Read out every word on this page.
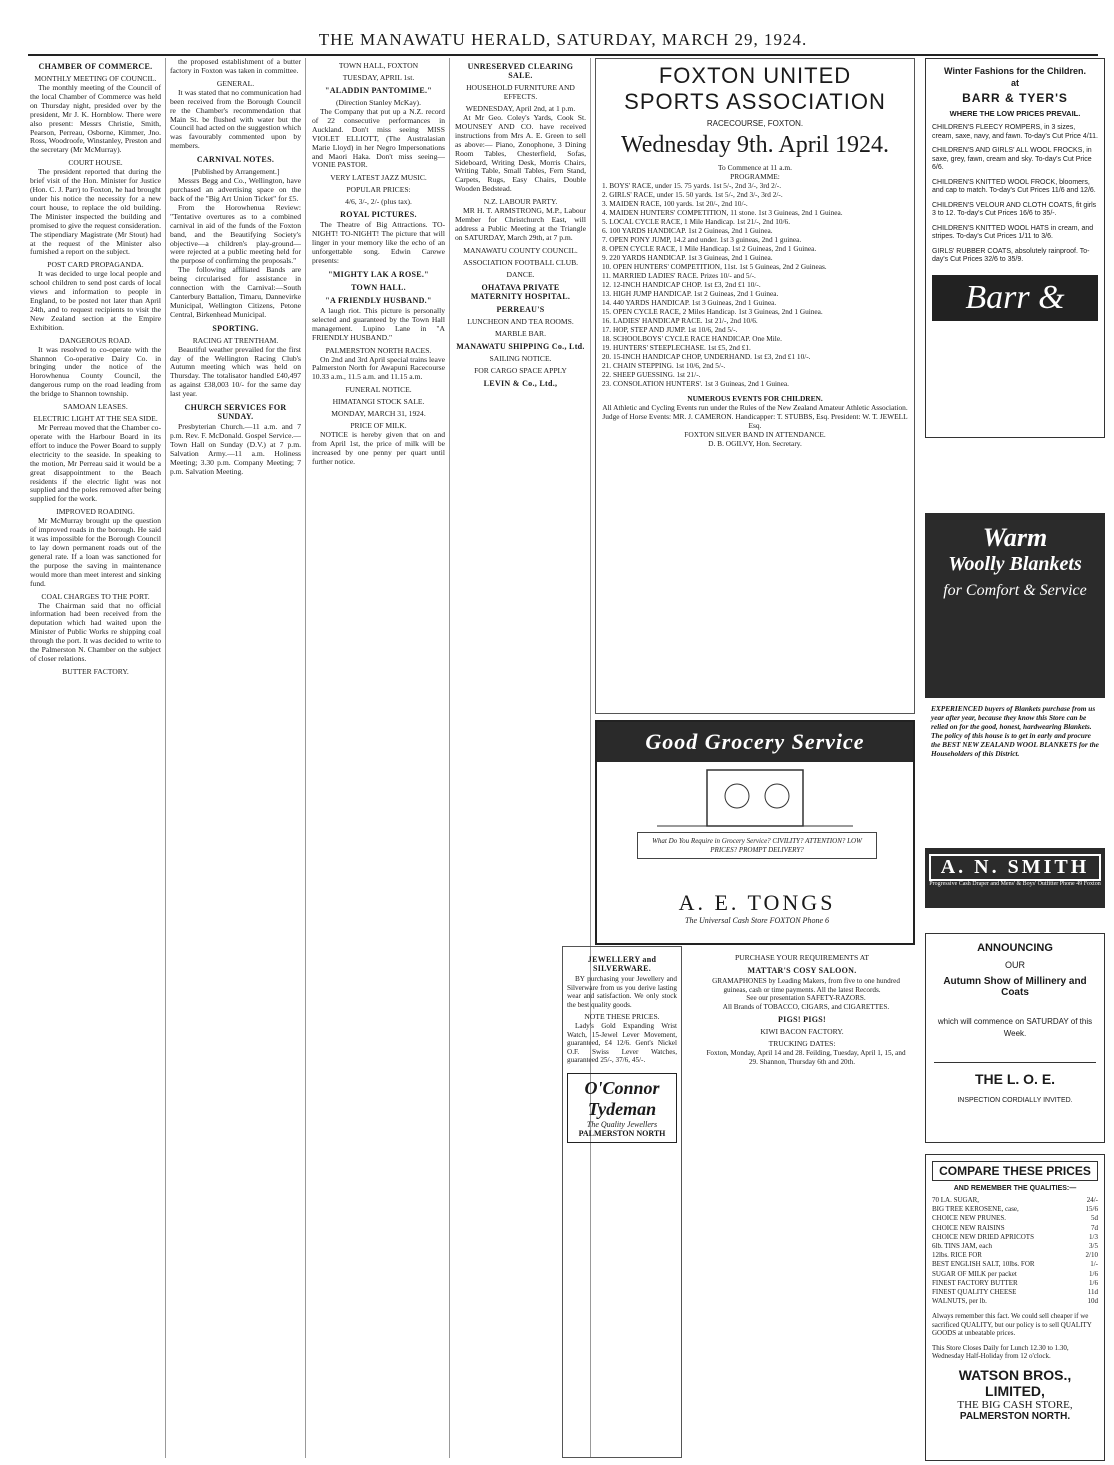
THE MANAWATU HERALD, SATURDAY, MARCH 29, 1924.
CHAMBER OF COMMERCE.
MONTHLY MEETING OF COUNCIL.

The monthly meeting of the Council of the local Chamber of Commerce was held on Thursday night, presided over by the president, Mr J. K. Hornblow. There were also present: Messrs Christie, Smith, Pearson, Perreau, Osborne, Kimmer, Jno. Ross, Woodroofe, Winstanley, Preston and the secretary (Mr McMurray).

COURT HOUSE.

The president reported that during the brief visit of the Hon. Minister for Justice (Hon. C. J. Parr) to Foxton, he had brought under his notice the necessity for a new court house, to replace the old building. The Minister inspected the building and promised to give the request consideration. The stipendiary Magistrate (Mr Stout) had at the request of the Minister also furnished a report on the subject.

POST CARD PROPAGANDA.

It was decided to urge local people and school children to send post cards of local views and information to people in England, to be posted not later than April 24th, and to request recipients to visit the New Zealand section at the Empire Exhibition.

DANGEROUS ROAD.

It was resolved to co-operate with the Shannon Co-operative Dairy Co. in bringing under the notice of the Horowhenua County Council, the dangerous rump on the road leading from the bridge to Shannon township.

SAMOAN LEASES.
ELECTRIC LIGHT AT THE SEA SIDE.

Mr Perreau moved that the Chamber co-operate with the Harbour Board in its effort to induce the Power Board to supply electricity to the seaside. In speaking to the motion, Mr Perreau said it would be a great disappointment to the Beach residents if the electric light was not supplied and the poles removed after being supplied for the work.

IMPROVED ROADING.

Mr McMurray brought up the question of improved roads in the borough. He said it was impossible for the Borough Council to lay down permanent roads out of the general rate. If a loan was sanctioned for the purpose the saving in maintenance would more than meet interest and sinking fund.

COAL CHARGES TO THE PORT.

The Chairman said that no official information had been received from the deputation which had waited upon the Minister of Public Works re shipping coal through the port. It was decided to write to the Palmerston N. Chamber on the subject of closer relations.

BUTTER FACTORY.

the proposed establishment of a butter factory in Foxton was taken in committee.

GENERAL.

It was stated that no communication had been received from the Borough Council re the Chamber's recommendation that Main St. be flushed with water but the Council had acted on the suggestion which was favourably commented upon by members.

CARNIVAL NOTES.
[Published by Arrangement.]

Messrs Begg and Co., Wellington, have purchased an advertising space on the back of the "Big Art Union Ticket" for £5.

From the Horowhenua Review: "Tentative overtures as to a combined carnival in aid of the funds of the Foxton band, and the Beautifying Society's objective—a children's play-ground—were rejected at a public meeting held for the purpose of confirming the proposals."

The following affiliated Bands are being circularised for assistance in connection with the Carnival:—South Canterbury Battalion, Timaru, Dannevirke Municipal, Wellington Citizens, Petone Central, Birkenhead Municipal.

SPORTING.
RACING AT TRENTHAM.

Beautiful weather prevailed for the first day of the Wellington Racing Club's Autumn meeting which was held on Thursday. The totalisator handled £40,497 as against £38,003 10/- for the same day last year.

CHURCH SERVICES FOR SUNDAY.

Presbyterian Church.—11 a.m. and 7 p.m. Rev. F. McDonald. Gospel Service.—Town Hall on Sunday (D.V.) at 7 p.m. Salvation Army.—11 a.m. Holiness Meeting; 3.30 p.m. Company Meeting; 7 p.m. Salvation Meeting.

TOWN HALL, FOXTON
TUESDAY, APRIL 1st.
"ALADDIN PANTOMIME."
(Direction Stanley McKay).

The Company that put up a N.Z. record of 22 consecutive performances in Auckland. Don't miss seeing MISS VIOLET ELLIOTT, (The Australasian Marie Lloyd) in her Negro Impersonations and Maori Haka. Don't miss seeing— VONIE PASTOR.

VERY LATEST JAZZ MUSIC.
POPULAR PRICES:
4/6, 3/-, 2/- (plus tax).
ROYAL PICTURES.

The Theatre of Big Attractions. TO-NIGHT! TO-NIGHT! The picture that will linger in your memory like the echo of an unforgettable song. Edwin Carewe presents:

"MIGHTY LAK A ROSE."
TOWN HALL.
"A FRIENDLY HUSBAND."

A laugh riot. This picture is personally selected and guaranteed by the Town Hall management. Lupino Lane in "A FRIENDLY HUSBAND."

PALMERSTON NORTH RACES.

On 2nd and 3rd April special trains leave Palmerston North for Awapuni Racecourse 10.33 a.m., 11.5 a.m. and 11.15 a.m.

FUNERAL NOTICE.
HIMATANGI STOCK SALE.
MONDAY, MARCH 31, 1924.
PRICE OF MILK.

NOTICE is hereby given that on and from April 1st, the price of milk will be increased by one penny per quart until further notice.

UNRESERVED CLEARING SALE.
HOUSEHOLD FURNITURE AND EFFECTS.
WEDNESDAY, April 2nd, at 1 p.m.

At Mr Geo. Coley's Yards, Cook St. MOUNSEY AND CO. have received instructions from Mrs A. E. Green to sell as above:— Piano, Zonophone, 3 Dining Room Tables, Chesterfield, Sofas, Sideboard, Writing Desk, Morris Chairs, Writing Table, Small Tables, Fern Stand, Carpets, Rugs, Easy Chairs, Double Wooden Bedstead.

N.Z. LABOUR PARTY.

MR H. T. ARMSTRONG, M.P., Labour Member for Christchurch East, will address a Public Meeting at the Triangle on SATURDAY, March 29th, at 7 p.m.

MANAWATU COUNTY COUNCIL.
ASSOCIATION FOOTBALL CLUB.
DANCE.
OHATAVA PRIVATE MATERNITY HOSPITAL.
PERREAU'S
LUNCHEON AND TEA ROOMS.
MARBLE BAR.
MANAWATU SHIPPING Co., Ltd.
SAILING NOTICE.
FOR CARGO SPACE APPLY
LEVIN & Co., Ltd.,
FOXTON UNITED
SPORTS ASSOCIATION
RACECOURSE, FOXTON.
Wednesday 9th. April 1924.
To Commence at 11 a.m.
PROGRAMME:
1. BOYS' RACE, under 15. 75 yards. 1st 5/-, 2nd 3/-, 3rd 2/-.
2. GIRLS' RACE, under 15. 50 yards. 1st 5/-, 2nd 3/-, 3rd 2/-.
3. MAIDEN RACE, 100 yards. 1st 20/-, 2nd 10/-.
4. MAIDEN HUNTERS' COMPETITION, 11 stone. 1st 3 Guineas, 2nd 1 Guinea.
5. LOCAL CYCLE RACE, 1 Mile Handicap. 1st 21/-, 2nd 10/6.
6. 100 YARDS HANDICAP. 1st 2 Guineas, 2nd 1 Guinea.
7. OPEN PONY JUMP, 14.2 and under. 1st 3 guineas, 2nd 1 guinea.
8. OPEN CYCLE RACE, 1 Mile Handicap. 1st 2 Guineas, 2nd 1 Guinea.
9. 220 YARDS HANDICAP. 1st 3 Guineas, 2nd 1 Guinea.
10. OPEN HUNTERS' COMPETITION, 11st. 1st 5 Guineas, 2nd 2 Guineas.
11. MARRIED LADIES' RACE. Prizes 10/- and 5/-.
12. 12-INCH HANDICAP CHOP. 1st £3, 2nd £1 10/-.
13. HIGH JUMP HANDICAP. 1st 2 Guineas, 2nd 1 Guinea.
14. 440 YARDS HANDICAP. 1st 3 Guineas, 2nd 1 Guinea.
15. OPEN CYCLE RACE, 2 Miles Handicap. 1st 3 Guineas, 2nd 1 Guinea.
16. LADIES' HANDICAP RACE. 1st 21/-, 2nd 10/6.
17. HOP, STEP AND JUMP. 1st 10/6, 2nd 5/-.
18. SCHOOLBOYS' CYCLE RACE HANDICAP. One Mile.
19. HUNTERS' STEEPLECHASE. 1st £5, 2nd £1.
20. 15-INCH HANDICAP CHOP, UNDERHAND. 1st £3, 2nd £1 10/-.
21. CHAIN STEPPING. 1st 10/6, 2nd 5/-.
22. SHEEP GUESSING. 1st 21/-.
23. CONSOLATION HUNTERS'. 1st 3 Guineas, 2nd 1 Guinea.
NUMEROUS EVENTS FOR CHILDREN.
All Athletic and Cycling Events run under the Rules of the New Zealand Amateur Athletic Association.
Judge of Horse Events: MR. J. CAMERON. Handicapper: T. STUBBS, Esq. President: W. T. JEWELL Esq.
FOXTON SILVER BAND IN ATTENDANCE.
D. B. OGILVY, Hon. Secretary.
Good Grocery Service
What Do You Require in Grocery Service? CIVILITY? ATTENTION? LOW PRICES? PROMPT DELIVERY?
A. E. TONGS
The Universal Cash Store FOXTON Phone 6
JEWELLERY and SILVERWARE.

BY purchasing your Jewellery and Silverware from us you derive lasting wear and satisfaction. We only stock the best quality goods.

NOTE THESE PRICES.

Lady's Gold Expanding Wrist Watch, 15-Jewel Lever Movement, guaranteed, £4 12/6. Gent's Nickel O.F. Swiss Lever Watches, guaranteed 25/-, 37/6, 45/-.

O'Connor Tydeman
The Quality Jewellers
PALMERSTON NORTH
PURCHASE YOUR REQUIREMENTS AT
MATTAR'S COSY SALOON.

GRAMAPHONES by Leading Makers, from five to one hundred guineas, cash or time payments. All the latest Records.

See our presentation SAFETY-RAZORS.

All Brands of TOBACCO, CIGARS, and CIGARETTES.

PIGS! PIGS!
KIWI BACON FACTORY.
TRUCKING DATES:

Foxton, Monday, April 14 and 28. Feilding, Tuesday, April 1, 15, and 29. Shannon, Thursday 6th and 20th.

Winter Fashions for the Children.
at
BARR & TYER'S
WHERE THE LOW PRICES PREVAIL.

CHILDREN'S FLEECY ROMPERS, in 3 sizes, cream, saxe, navy, and fawn. To-day's Cut Price 4/11.

CHILDREN'S AND GIRLS' ALL WOOL FROCKS, in saxe, grey, fawn, cream and sky. To-day's Cut Price 6/6.

CHILDREN'S KNITTED WOOL FROCK, bloomers, and cap to match. To-day's Cut Prices 11/6 and 12/6.

CHILDREN'S VELOUR AND CLOTH COATS, fit girls 3 to 12. To-day's Cut Prices 16/6 to 35/-.

CHILDREN'S KNITTED WOOL HATS in cream, and stripes. To-day's Cut Prices 1/11 to 3/6.

GIRLS' RUBBER COATS, absolutely rainproof. To-day's Cut Prices 32/6 to 35/9.

Barr & Tyer
Warm
Woolly Blankets
for Comfort & Service
EXPERIENCED buyers of Blankets purchase from us year after year, because they know this Store can be relied on for the good, honest, hardwearing Blankets. The policy of this house is to get in early and procure the BEST NEW ZEALAND WOOL BLANKETS for the Householders of this District.
A. N. SMITH
Progressive Cash Draper and Mens' & Boys' Outfitter Phone 49 Foxton
ANNOUNCING
OUR
Autumn Show of Millinery and Coats
which will commence on SATURDAY of this Week.
THE L. O. E.
INSPECTION CORDIALLY INVITED.
COMPARE THESE PRICES
AND REMEMBER THE QUALITIES:—
70 LA. SUGAR,	24/-
BIG TREE KEROSENE, case,	15/6
CHOICE NEW PRUNES.	5d
CHOICE NEW RAISINS	7d
CHOICE NEW DRIED APRICOTS	1/3
6lb. TINS JAM, each	3/5
12lbs. RICE FOR	2/10
BEST ENGLISH SALT, 10lbs. FOR	1/-
SUGAR OF MILK per packet	1/6
FINEST FACTORY BUTTER	1/6
FINEST QUALITY CHEESE	11d
WALNUTS, per lb.	10d

Always remember this fact. We could sell cheaper if we sacrificed QUALITY, but our policy is to sell QUALITY GOODS at unbeatable prices.

This Store Closes Daily for Lunch 12.30 to 1.30, Wednesday Half-Holiday from 12 o'clock.

WATSON BROS., LIMITED,
THE BIG CASH STORE,
PALMERSTON NORTH.
